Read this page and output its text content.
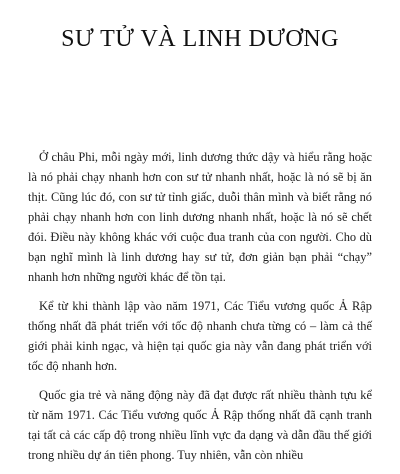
SƯ TỬ VÀ LINH DƯƠNG

Ở châu Phi, mỗi ngày mới, linh dương thức dậy và hiểu rằng hoặc là nó phải chạy nhanh hơn con sư tử nhanh nhất, hoặc là nó sẽ bị ăn thịt. Cũng lúc đó, con sư tử tỉnh giấc, duỗi thân mình và biết rằng nó phải chạy nhanh hơn con linh dương nhanh nhất, hoặc là nó sẽ chết đói. Điều này không khác với cuộc đua tranh của con người. Cho dù bạn nghĩ mình là linh dương hay sư tử, đơn giản bạn phải “chạy” nhanh hơn những người khác để tồn tại.

Kể từ khi thành lập vào năm 1971, Các Tiểu vương quốc Ả Rập thống nhất đã phát triển với tốc độ nhanh chưa từng có – làm cả thế giới phải kinh ngạc, và hiện tại quốc gia này vẫn đang phát triển với tốc độ nhanh hơn.

Quốc gia trẻ và năng động này đã đạt được rất nhiều thành tựu kể từ năm 1971. Các Tiểu vương quốc Ả Rập thống nhất đã cạnh tranh tại tất cả các cấp độ trong nhiều lĩnh vực đa dạng và dẫn đầu thế giới trong nhiều dự án tiên phong. Tuy nhiên, vẫn còn nhiều
